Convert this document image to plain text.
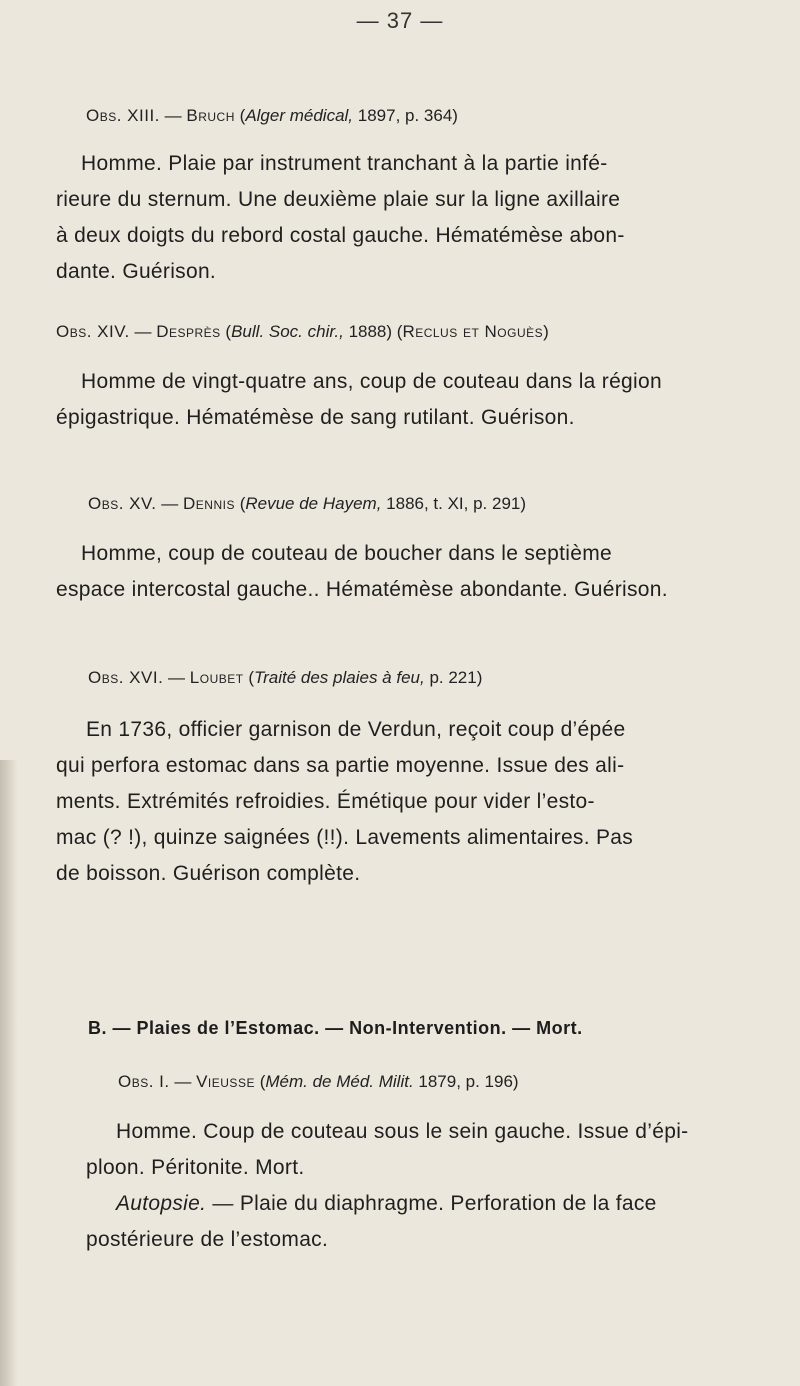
— 37 —
Obs. XIII. — Bruch (Alger médical, 1897, p. 364)
Homme. Plaie par instrument tranchant à la partie infé-
rieure du sternum. Une deuxième plaie sur la ligne axillaire
à deux doigts du rebord costal gauche. Hématémèse abon-
dante. Guérison.
Obs. XIV. — Desprès (Bull. Soc. chir., 1888) (Reclus et Noguès)
Homme de vingt-quatre ans, coup de couteau dans la région
épigastrique. Hématémèse de sang rutilant. Guérison.
Obs. XV. — Dennis (Revue de Hayem, 1886, t. XI, p. 291)
Homme, coup de couteau de boucher dans le septième
espace intercostal gauche.. Hématémèse abondante. Guérison.
Obs. XVI. — Loubet (Traité des plaies à feu, p. 221)
En 1736, officier garnison de Verdun, reçoit coup d’épée
qui perfora estomac dans sa partie moyenne. Issue des ali-
ments. Extrémités refroidies. Émétique pour vider l’esto-
mac (? !), quinze saignées (!!). Lavements alimentaires. Pas
de boisson. Guérison complète.
B. — Plaies de l’Estomac. — Non-Intervention. — Mort.
Obs. I. — Vieusse (Mém. de Méd. Milit. 1879, p. 196)
Homme. Coup de couteau sous le sein gauche. Issue d’épi-
ploon. Péritonite. Mort.
Autopsie. — Plaie du diaphragme. Perforation de la face
postérieure de l’estomac.
